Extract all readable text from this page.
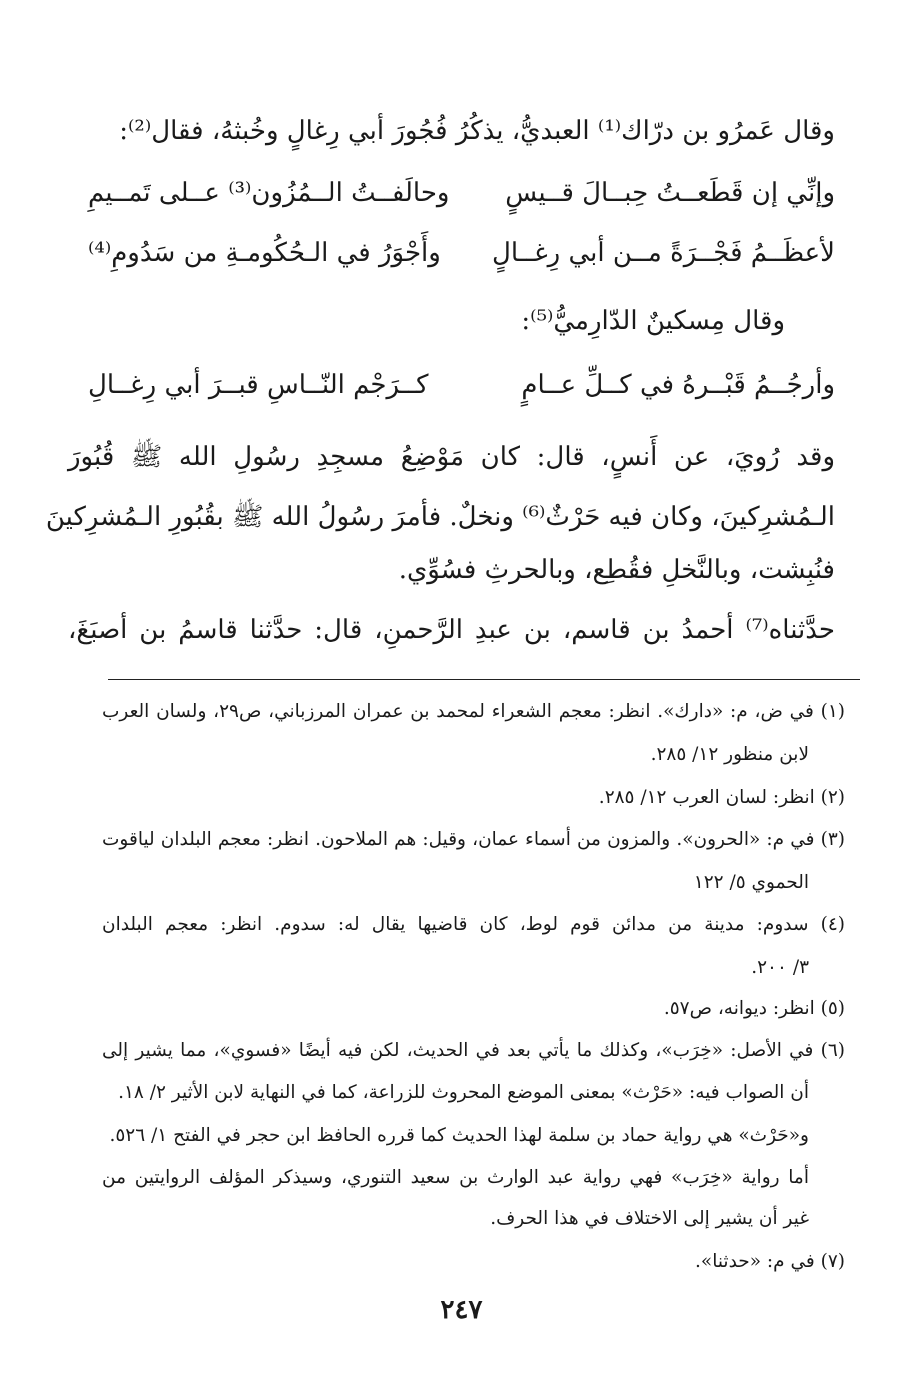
وقال عَمرُو بن درّاك⁽¹⁾ العبديُّ، يذكُرُ فُجُورَ أبي رِغالٍ وخُبثهُ، فقال⁽²⁾:
وإنِّي إن قَطَعــتُ حِبــالَ قــيسٍ
وحالَفــتُ الــمُزُون⁽³⁾ عــلى تَمــيمِ
لأعظَــمُ فَجْــرَةً مــن أبي رِغــالٍ
وأَجْوَرُ في الـحُكُومـةِ من سَدُومِ⁽⁴⁾
وقال مِسكينٌ الدّارِميُّ⁽⁵⁾:
وأرجُــمُ قَبْــرهُ في كــلِّ عــامٍ
كــرَجْم النّــاسِ قبــرَ أبي رِغــالِ
وقد رُويَ، عن أَنسٍ، قال: كان مَوْضِعُ مسجِدِ رسُولِ الله ﷺ قُبُورَ
الـمُشرِكينَ، وكان فيه حَرْثٌ⁽⁶⁾ ونخلٌ. فأمرَ رسُولُ الله ﷺ بقُبُورِ الـمُشرِكينَ
فنُبِشت، وبالنَّخلِ فقُطِع، وبالحرثِ فسُوِّي.
حدَّثناه⁽⁷⁾ أحمدُ بن قاسم، بن عبدِ الرَّحمنِ، قال: حدَّثنا قاسمُ بن أصبَغَ،
(١) في ض، م: «دارك». انظر: معجم الشعراء لمحمد بن عمران المرزباني، ص٢٩، ولسان العرب
لابن منظور ١٢/ ٢٨٥.
(٢) انظر: لسان العرب ١٢/ ٢٨٥.
(٣) في م: «الحرون». والمزون من أسماء عمان، وقيل: هم الملاحون. انظر: معجم البلدان لياقوت
الحموي ٥/ ١٢٢
(٤) سدوم: مدينة من مدائن قوم لوط، كان قاضيها يقال له: سدوم. انظر: معجم البلدان
٣/ ٢٠٠.
(٥) انظر: ديوانه، ص٥٧.
(٦) في الأصل: «خِرَب»، وكذلك ما يأتي بعد في الحديث، لكن فيه أيضًا «فسوي»، مما يشير إلى
أن الصواب فيه: «حَرْث» بمعنى الموضع المحروث للزراعة، كما في النهاية لابن الأثير ٢/ ١٨.
و«حَرْث» هي رواية حماد بن سلمة لهذا الحديث كما قرره الحافظ ابن حجر في الفتح ١/ ٥٢٦.
أما رواية «خِرَب» فهي رواية عبد الوارث بن سعيد التنوري، وسيذكر المؤلف الروايتين من
غير أن يشير إلى الاختلاف في هذا الحرف.
(٧) في م: «حدثنا».
٢٤٧
